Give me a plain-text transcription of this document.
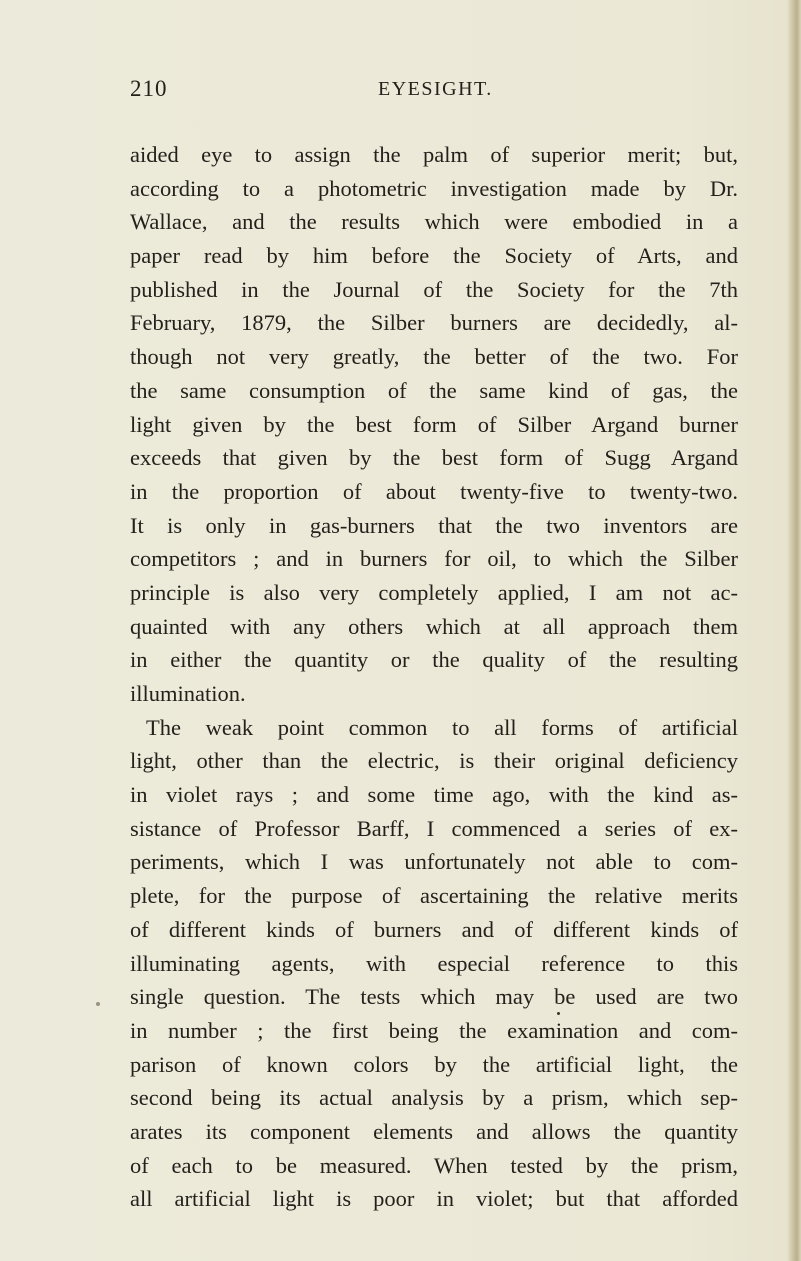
210	EYESIGHT.
aided eye to assign the palm of superior merit; but,
according to a photometric investigation made by Dr.
Wallace, and the results which were embodied in a
paper read by him before the Society of Arts, and
published in the Journal of the Society for the 7th
February, 1879, the Silber burners are decidedly, al-
though not very greatly, the better of the two. For
the same consumption of the same kind of gas, the
light given by the best form of Silber Argand burner
exceeds that given by the best form of Sugg Argand
in the proportion of about twenty-five to twenty-two.
It is only in gas-burners that the two inventors are
competitors ; and in burners for oil, to which the Silber
principle is also very completely applied, I am not ac-
quainted with any others which at all approach them
in either the quantity or the quality of the resulting
illumination.
The weak point common to all forms of artificial
light, other than the electric, is their original deficiency
in violet rays ; and some time ago, with the kind as-
sistance of Professor Barff, I commenced a series of ex-
periments, which I was unfortunately not able to com-
plete, for the purpose of ascertaining the relative merits
of different kinds of burners and of different kinds of
illuminating agents, with especial reference to this
single question. The tests which may be used are two
in number ; the first being the examination and com-
parison of known colors by the artificial light, the
second being its actual analysis by a prism, which sep-
arates its component elements and allows the quantity
of each to be measured. When tested by the prism,
all artificial light is poor in violet; but that afforded
